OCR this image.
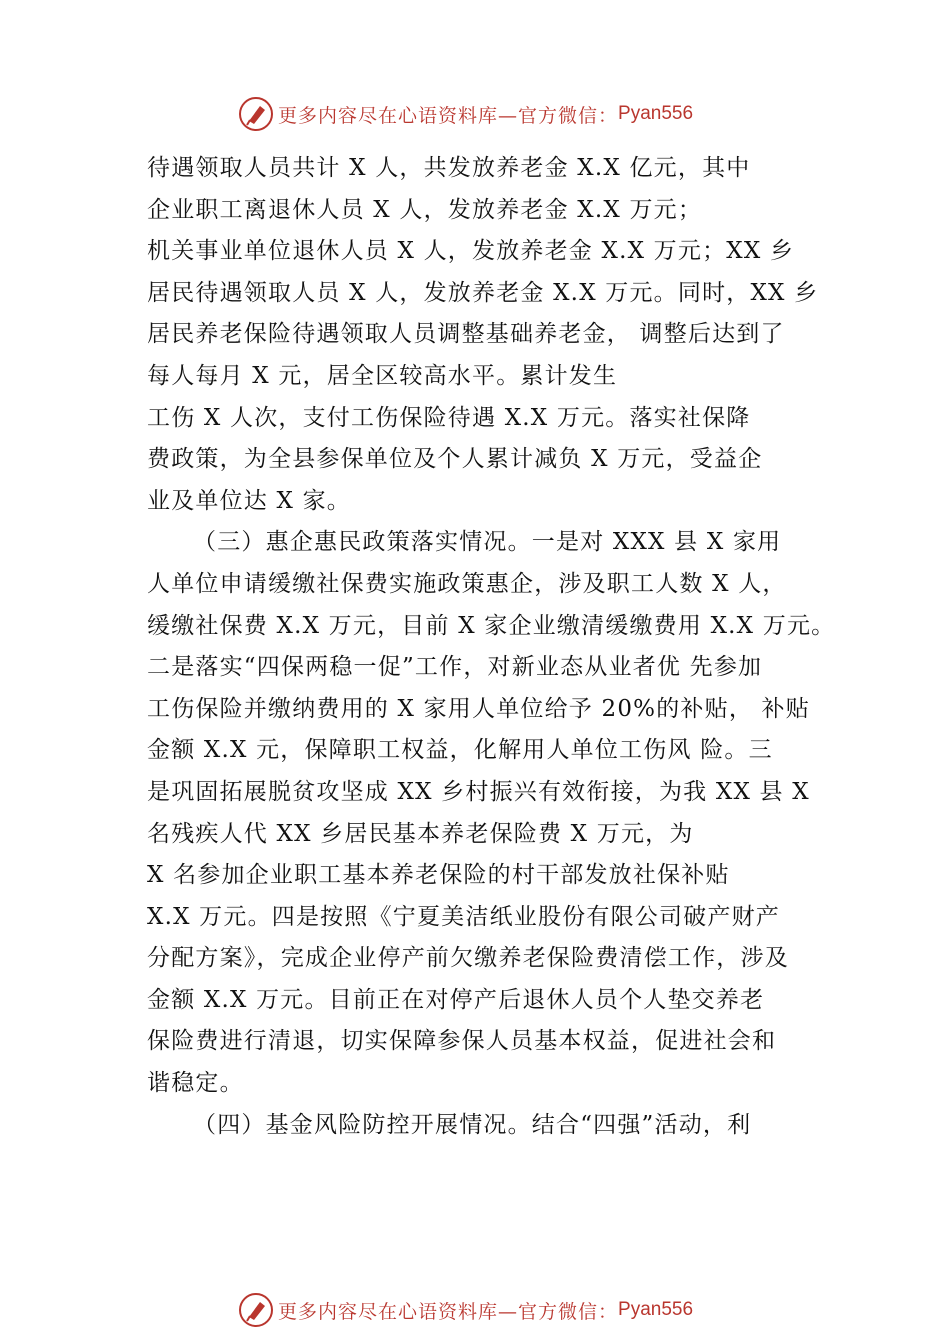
更多内容尽在心语资料库—官方微信： Pyan556
待遇领取人员共计 X 人，共发放养老金 X.X 亿元，其中
企业职工离退休人员 X 人，发放养老金 X.X 万元；
机关事业单位退休人员 X 人，发放养老金 X.X 万元；XX 乡
居民待遇领取人员 X 人，发放养老金 X.X 万元。同时，XX 乡
居民养老保险待遇领取人员调整基础养老金， 调整后达到了
每人每月 X 元，居全区较高水平。累计发生
工伤 X 人次，支付工伤保险待遇 X.X 万元。落实社保降
费政策，为全县参保单位及个人累计减负 X 万元，受益企
业及单位达 X 家。
（三）惠企惠民政策落实情况。一是对 XXX 县 X 家用
人单位申请缓缴社保费实施政策惠企，涉及职工人数 X 人，
缓缴社保费 X.X 万元，目前 X 家企业缴清缓缴费用 X.X 万元。
二是落实“四保两稳一促”工作，对新业态从业者优 先参加
工伤保险并缴纳费用的 X 家用人单位给予 20%的补贴， 补贴
金额 X.X 元，保障职工权益，化解用人单位工伤风 险。三
是巩固拓展脱贫攻坚成 XX 乡村振兴有效衔接，为我 XX 县 X
名残疾人代 XX 乡居民基本养老保险费 X 万元，为
X 名参加企业职工基本养老保险的村干部发放社保补贴
X.X 万元。四是按照《宁夏美洁纸业股份有限公司破产财产
分配方案》，完成企业停产前欠缴养老保险费清偿工作，涉及
金额 X.X 万元。目前正在对停产后退休人员个人垫交养老
保险费进行清退，切实保障参保人员基本权益，促进社会和
谐稳定。
（四）基金风险防控开展情况。结合“四强”活动，利
更多内容尽在心语资料库—官方微信： Pyan556
